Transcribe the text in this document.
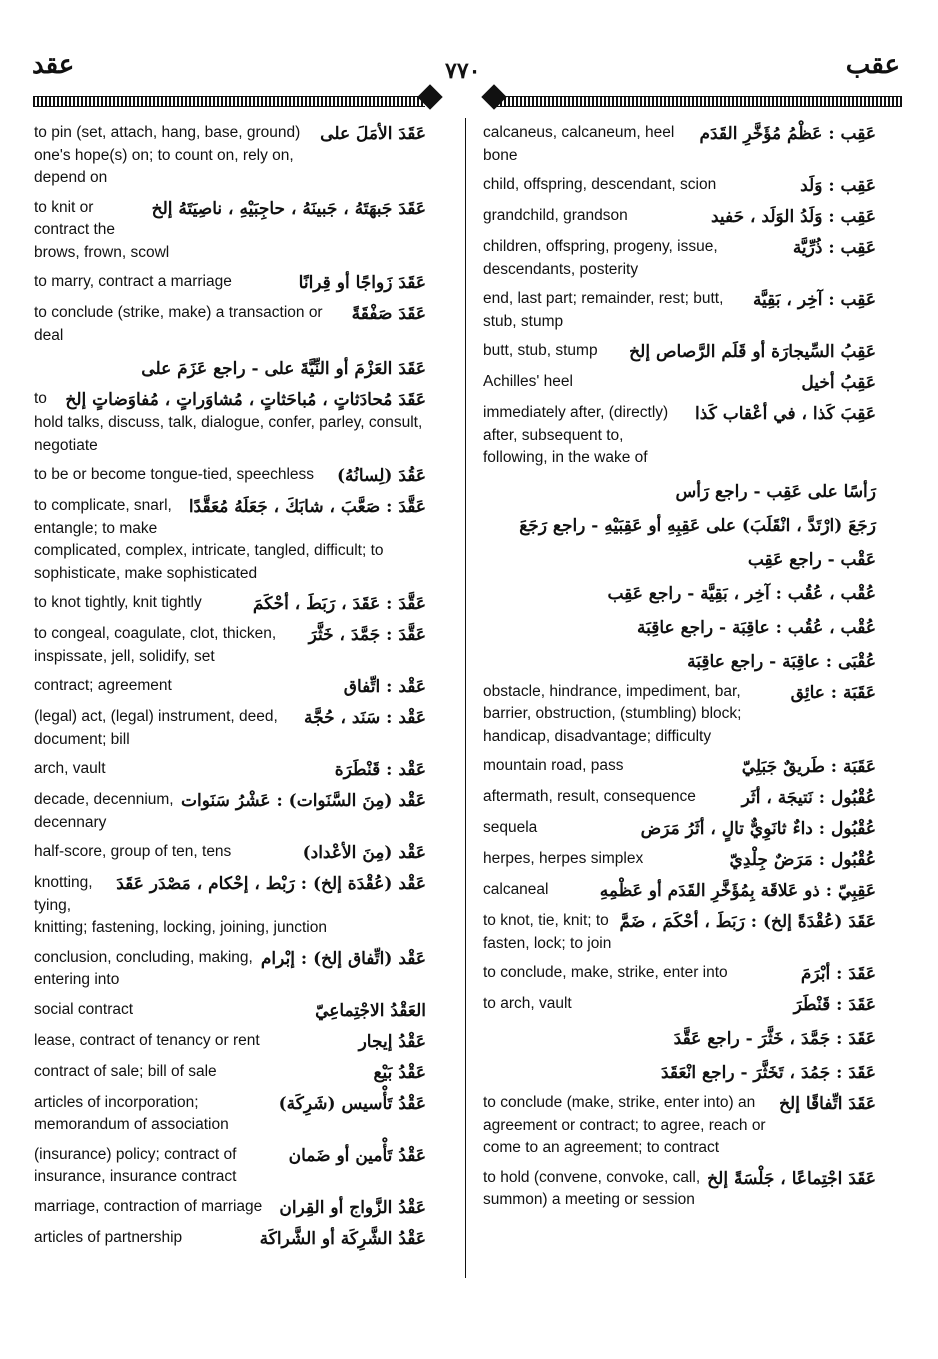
عقد	٧٧٠	عقب
عَقَدَ الأمَلَ على
to pin (set, attach, hang, base, ground) one's hope(s) on; to count on, rely on, depend on
عَقَدَ جَبهَتَهُ ، جَبينَهُ ، حاجِبَيْهِ ، ناصِيَتَهُ إلخ
to knit or contract the brows, frown, scowl
عَقَدَ زَواجًا أو قِرانًا
to marry, contract a marriage
عَقَدَ صَفْقَةً
to conclude (strike, make) a transaction or deal
عَقَدَ العَزْمَ أو النِّيَّةَ على - راجع عَزَمَ على
عَقَدَ مُحادَثاتٍ ، مُباحَثاتٍ ، مُشاوَراتٍ ، مُفاوَضاتٍ إلخ
to hold talks, discuss, talk, dialogue, confer, parley, consult, negotiate
عَقُدَ (لِسانُهُ)
to be or become tongue-tied, speechless
عَقَّدَ : صَعَّبَ ، شابَكَ ، جَعَلَهُ مُعَقَّدًا
to complicate, snarl, entangle; to make complicated, complex, intricate, tangled, difficult; to sophisticate, make sophisticated
عَقَّدَ : عَقَدَ ، رَبَطَ ، أحْكَمَ
to knot tightly, knit tightly
عَقَّدَ : جَمَّدَ ، خَثَّرَ
to congeal, coagulate, clot, thicken, inspissate, jell, solidify, set
عَقْد : اتِّفاق
contract; agreement
عَقْد : سَنَد ، حُجَّة
(legal) act, (legal) instrument, deed, document; bill
عَقْد : قَنْطَرَة
arch, vault
عَقْد (مِنَ السَّنَوات) : عَشْرُ سَنَوات
decade, decennium, decennary
عَقْد (مِنَ الأعْداد)
half-score, group of ten, tens
عَقْد (عُقْدَة إلخ) : رَبْط ، إحْكام ، مَصْدَر عَقَدَ
knotting, tying, knitting; fastening, locking, joining, junction
عَقْد (اتِّفاق إلخ) : إبْرام
conclusion, concluding, making, entering into
العَقْدُ الاجْتِماعِيّ
social contract
عَقْدُ إيجار
lease, contract of tenancy or rent
عَقْدُ بَيْع
contract of sale; bill of sale
عَقْدُ تَأْسيس (شَرِكَة)
articles of incorporation; memorandum of association
عَقْدُ تَأْمين أو ضَمان
(insurance) policy; contract of insurance, insurance contract
عَقْدُ الزَّواج أو القِران
marriage, contraction of marriage
عَقْدُ الشَّرِكَة أو الشَّراكَة
articles of partnership
عَقِب : عَظْمُ مُؤَخَّرِ القَدَم
calcaneus, calcaneum, heel bone
عَقِب : وَلَد
child, offspring, descendant, scion
عَقِب : وَلَدُ الوَلَد ، حَفيد
grandchild, grandson
عَقِب : ذُرِّيَّة
children, offspring, progeny, issue, descendants, posterity
عَقِب : آخِر ، بَقِيَّة
end, last part; remainder, rest; butt, stub, stump
عَقِبُ السِّيجارَة أو قَلَم الرَّصاص إلخ
butt, stub, stump
عَقِبُ أخيل
Achilles' heel
عَقِبَ كَذا ، في أعْقاب كَذا
immediately after, (directly) after, subsequent to, following, in the wake of
رَأسًا على عَقِب - راجع رَأس
رَجَعَ (ارْتَدَّ ، انْقَلَبَ) على عَقِبِهِ أو عَقِبَيْهِ - راجع رَجَعَ
عَقْب - راجع عَقِب
عُقْب ، عُقُب : آخِر ، بَقِيَّة - راجع عَقِب
عُقْب ، عُقُب : عاقِبَة - راجع عاقِبَة
عُقْبَى : عاقِبَة - راجع عاقِبَة
عَقَبَة : عائِق
obstacle, hindrance, impediment, bar, barrier, obstruction, (stumbling) block; handicap, disadvantage; difficulty
عَقَبَة : طَريقٌ جَبَلِيّ
mountain road, pass
عُقْبُول : نَتيجَة ، أثَر
aftermath, result, consequence
عُقْبُول : داءٌ ثانَوِيٌّ تالٍ ، أثَرُ مَرَض
sequela
عُقْبُول : مَرَضٌ جِلْدِيّ
herpes, herpes simplex
عَقِبِيّ : ذو عَلاقَة بِمُؤَخَّرِ القَدَم أو عَظْمِهِ
calcaneal
عَقَدَ (عُقْدَةً إلخ) : رَبَطَ ، أحْكَمَ ، ضَمَّ
to knot, tie, knit; to fasten, lock; to join
عَقَدَ : أبْرَمَ
to conclude, make, strike, enter into
عَقَدَ : قَنْطَرَ
to arch, vault
عَقَدَ : جَمَّدَ ، خَثَّرَ - راجع عَقَّدَ
عَقَدَ : جَمُدَ ، تَخَثَّرَ - راجع انْعَقَدَ
عَقَدَ اتِّفاقًا إلخ
to conclude (make, strike, enter into) an agreement or contract; to agree, reach or come to an agreement; to contract
عَقَدَ اجْتِماعًا ، جَلْسَةً إلخ
to hold (convene, convoke, call, summon) a meeting or session
